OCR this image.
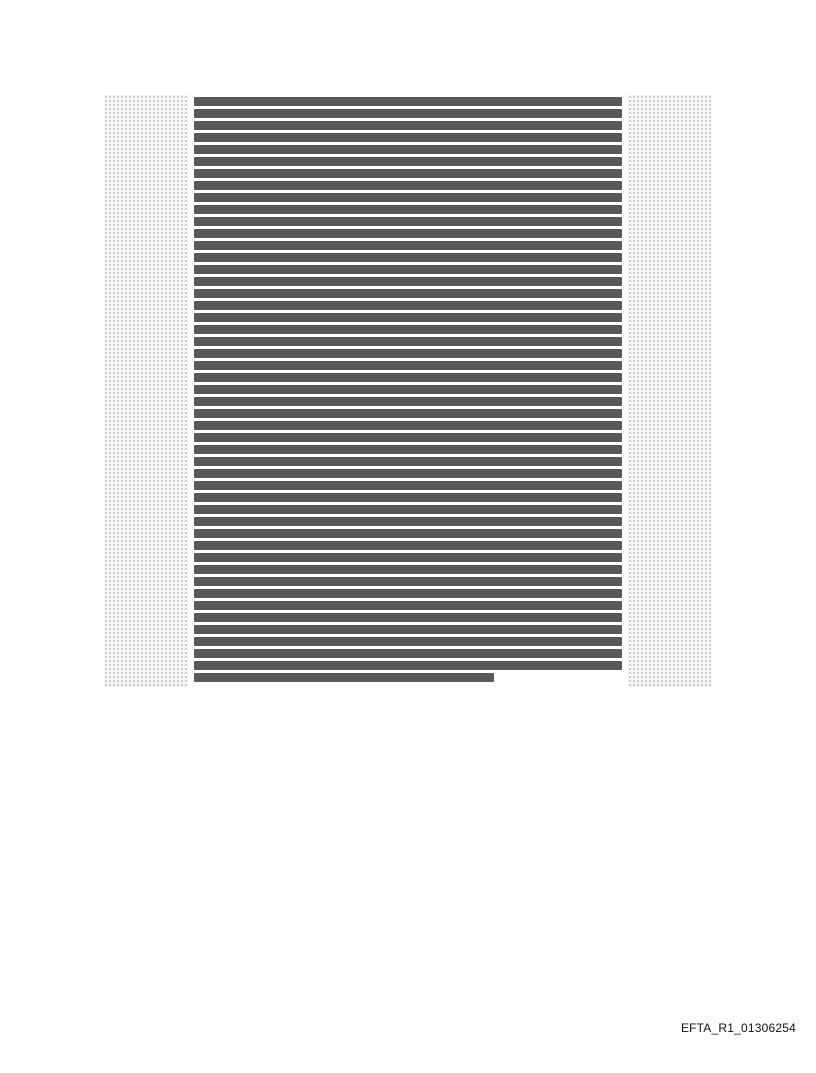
EFTA_R1_01306254
